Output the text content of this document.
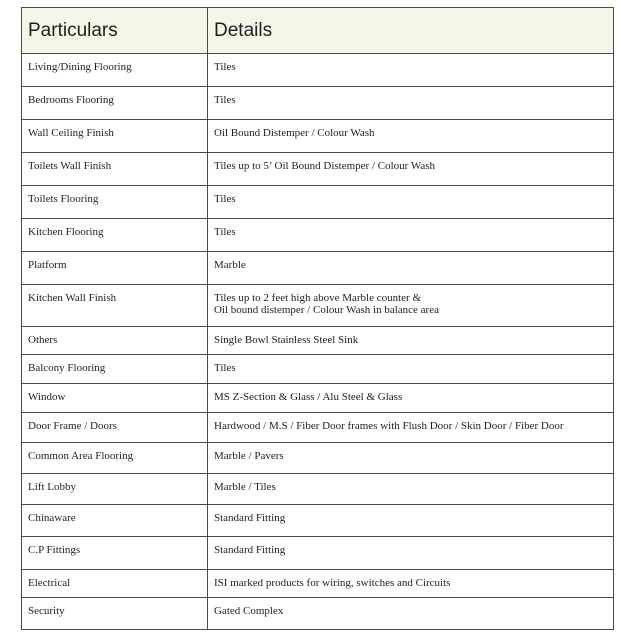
Particulars	Details
Living/Dining Flooring	Tiles

Bedrooms Flooring	Tiles

Wall Ceiling Finish	Oil Bound Distemper / Colour Wash

Toilets Wall Finish	Tiles up to 5’ Oil Bound Distemper / Colour Wash

Toilets Flooring	Tiles

Kitchen Flooring	Tiles

Platform	Marble

Kitchen Wall Finish	Tiles up to 2 feet high above Marble counter &
Oil bound distemper / Colour Wash in balance area

Others	Single Bowl Stainless Steel Sink

Balcony Flooring	Tiles

Window	MS Z-Section & Glass / Alu Steel & Glass

Door Frame / Doors	Hardwood / M.S / Fiber Door frames with Flush Door / Skin Door / Fiber Door

Common Area Flooring	Marble / Pavers

Lift Lobby	Marble / Tiles

Chinaware	Standard Fitting

C.P Fittings	Standard Fitting

Electrical	ISI marked products for wiring, switches and Circuits

Security	Gated Complex
